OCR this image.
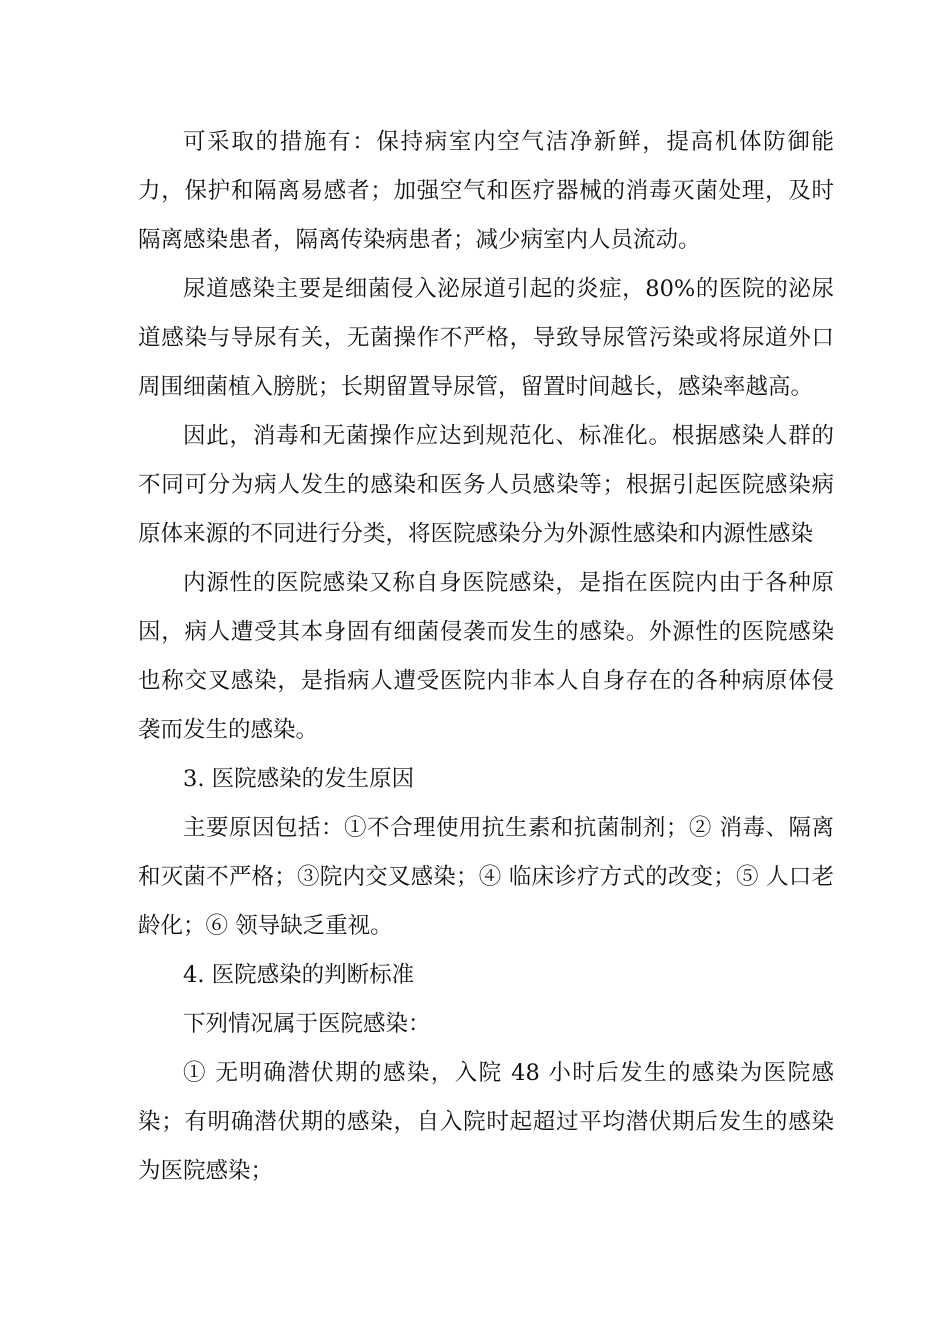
可采取的措施有：保持病室内空气洁净新鲜，提高机体防御能力，保护和隔离易感者；加强空气和医疗器械的消毒灭菌处理，及时隔离感染患者，隔离传染病患者；减少病室内人员流动。

尿道感染主要是细菌侵入泌尿道引起的炎症，80%的医院的泌尿道感染与导尿有关，无菌操作不严格，导致导尿管污染或将尿道外口周围细菌植入膀胱；长期留置导尿管，留置时间越长，感染率越高。

因此，消毒和无菌操作应达到规范化、标准化。根据感染人群的不同可分为病人发生的感染和医务人员感染等；根据引起医院感染病原体来源的不同进行分类，将医院感染分为外源性感染和内源性感染

内源性的医院感染又称自身医院感染，是指在医院内由于各种原因，病人遭受其本身固有细菌侵袭而发生的感染。外源性的医院感染也称交叉感染，是指病人遭受医院内非本人自身存在的各种病原体侵袭而发生的感染。

3. 医院感染的发生原因

主要原因包括：①不合理使用抗生素和抗菌制剂；② 消毒、隔离和灭菌不严格；③院内交叉感染；④ 临床诊疗方式的改变；⑤ 人口老龄化；⑥ 领导缺乏重视。

4. 医院感染的判断标准

下列情况属于医院感染：

① 无明确潜伏期的感染，入院 48 小时后发生的感染为医院感染；有明确潜伏期的感染，自入院时起超过平均潜伏期后发生的感染为医院感染；
